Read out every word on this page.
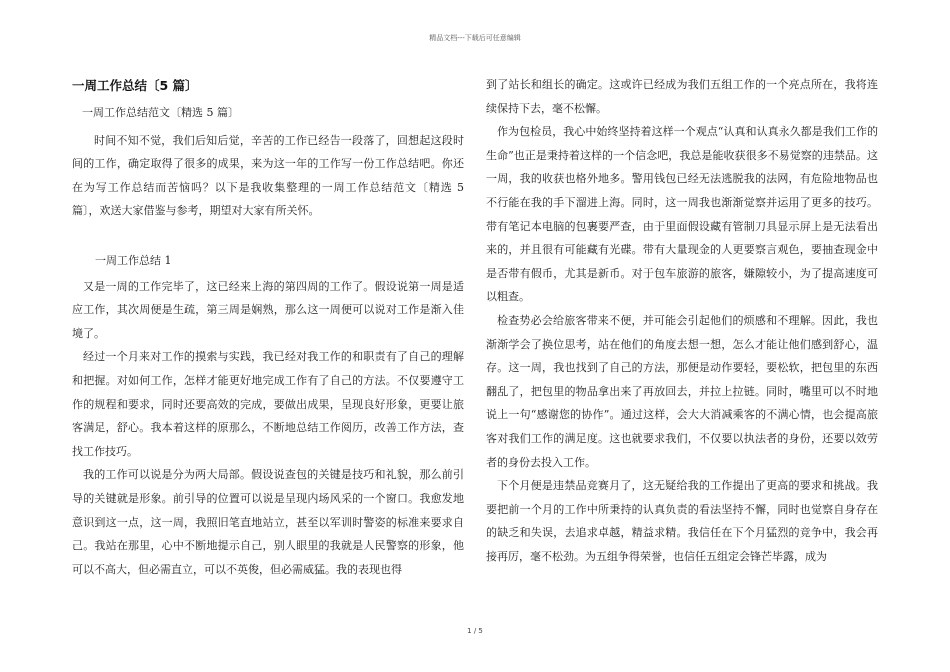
精品文档---下载后可任意编辑
一周工作总结〔5 篇〕

一周工作总结范文〔精选 5 篇〕

时间不知不觉，我们后知后觉，辛苦的工作已经告一段落了，回想起这段时间的工作，确定取得了很多的成果，来为这一年的工作写一份工作总结吧。你还在为写工作总结而苦恼吗？以下是我收集整理的一周工作总结范文〔精选 5 篇〕，欢送大家借鉴与参考，期望对大家有所关怀。

一周工作总结 1

又是一周的工作完毕了，这已经来上海的第四周的工作了。假设说第一周是适应工作，其次周便是生疏，第三周是娴熟，那么这一周便可以说对工作是渐入佳境了。

经过一个月来对工作的摸索与实践，我已经对我工作的和职责有了自己的理解和把握。对如何工作，怎样才能更好地完成工作有了自己的方法。不仅要遵守工作的规程和要求，同时还要高效的完成，要做出成果，呈现良好形象，更要让旅客满足，舒心。我本着这样的原那么，不断地总结工作阅历，改善工作方法，查找工作技巧。

我的工作可以说是分为两大局部。假设说查包的关键是技巧和礼貌，那么前引导的关键就是形象。前引导的位置可以说是呈现内场风采的一个窗口。我愈发地意识到这一点，这一周，我照旧笔直地站立，甚至以军训时警姿的标准来要求自己。我站在那里，心中不断地提示自己，别人眼里的我就是人民警察的形象，他可以不高大，但必需直立，可以不英俊，但必需威猛。我的表现也得

到了站长和组长的确定。这或许已经成为我们五组工作的一个亮点所在，我将连续保持下去，毫不松懈。

作为包检员，我心中始终坚持着这样一个观点“认真和认真永久都是我们工作的生命”也正是秉持着这样的一个信念吧，我总是能收获很多不易觉察的违禁品。这一周，我的收获也格外地多。警用钱包已经无法逃脱我的法网，有危险地物品也不行能在我的手下溜进上海。同时，这一周我也渐渐觉察并运用了更多的技巧。带有笔记本电脑的包裹要严查，由于里面假设藏有管制刀具显示屏上是无法看出来的，并且很有可能藏有光碟。带有大量现金的人更要察言观色，要抽查现金中是否带有假币，尤其是新币。对于包车旅游的旅客，嫌隙较小，为了提高速度可以粗查。

检查势必会给旅客带来不便，并可能会引起他们的烦感和不理解。因此，我也渐渐学会了换位思考，站在他们的角度去想一想，怎么才能让他们感到舒心，温存。这一周，我也找到了自己的方法，那便是动作要轻，要松软，把包里的东西翻乱了，把包里的物品拿出来了再放回去，并拉上拉链。同时，嘴里可以不时地说上一句“感谢您的协作”。通过这样，会大大消减乘客的不满心情，也会提高旅客对我们工作的满足度。这也就要求我们，不仅要以执法者的身份，还要以效劳者的身份去投入工作。

下个月便是违禁品竞赛月了，这无疑给我的工作提出了更高的要求和挑战。我要把前一个月的工作中所秉持的认真负责的看法坚持不懈，同时也觉察自身存在的缺乏和失误，去追求卓越，精益求精。我信任在下个月猛烈的竞争中，我会再接再厉，毫不松劲。为五组争得荣誉，也信任五组定会锋芒毕露，成为

1 / 5
